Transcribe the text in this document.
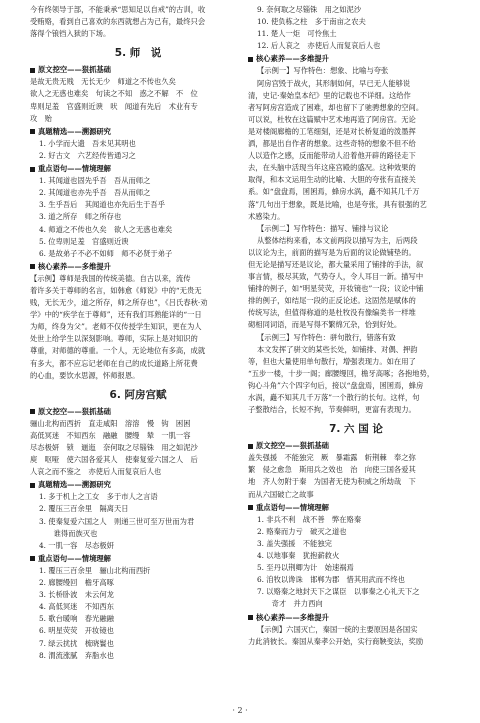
今有终领导于部，不能秉承“思知足以自戒”的古训，收
受贿赂，看到自己喜欢的东西就想占为己有，最终只会
落得个锒铛入狱的下场。
5. 师　说
原文挖空——狠抓基础
是故无贵无贱　无长无少　师道之不传也久矣
欲人之无惑也难矣　句读之不知　惑之不解　不　位
卑则足羞　官盛则近谀　吠　闻道有先后　术业有专
攻　贻
真题精选——溯源研究
1. 小学而大遗　吾未见其明也
2. 好古文　六艺经传皆通习之
重点语句——情境理解
1. 其闻道也固先乎吾　吾从而师之
2. 其闻道也亦先乎吾　吾从而师之
3. 生乎吾后　其闻道也亦先后生于吾乎
3. 道之所存　师之所存也
4. 师道之不传也久矣　欲人之无惑也难矣
5. 位卑则足羞　官盛则近谀
6. 是故弟子不必不如师　师不必贤于弟子
核心素养——多维提升
【示例】尊师是我国的传统美德。自古以来，流传
着许多关于尊师的名言，如韩愈《师说》中的“无贵无
贱，无长无少，道之所存，师之所存也”，《吕氏春秋·劝
学》中的“疾学在于尊师”，还有我们耳熟能详的“一日
为师，终身为父”。老师不仅传授学生知识，更在为人
处世上给学生以深刻影响。尊师，实际上是对知识的
尊重，对师德的尊重。一个人，无论地位有多高，成就
有多大，都不应忘记老师在自己的成长道路上所花费
的心血，要饮水思源，怀师报恩。
6. 阿房宫赋
原文挖空——狠抓基础
骊山北构而西折　直走咸阳　溶溶　慢　钩　困困
高低冥迷　不知西东　融融　腰缦　辇　一肌一容
尽态极妍　锁　逦迤　奈何取之尽锱铢　用之如泥沙
庾　呕哑　使六国各爱其人　使秦复爱六国之人　后
人哀之而不鉴之　亦使后人而复哀后人也
真题精选——溯源研究
1. 多于机上之工女　多于市人之言语
2. 覆压三百余里　隔离天日
3. 使秦复爱六国之人　则递三世可至万世而为君
　　谁得而族灭也
4. 一肌一容　尽态极妍
重点语句——情境理解
1. 覆压三百余里　骊山北构而西折
2. 廊腰缦回　檐牙高啄
3. 长桥卧波　未云何龙
4. 高低冥迷　不知西东
5. 歌台暖响　春光融融
6. 明星荧荧　开妆镜也
7. 绿云扰扰　梳晓鬟也
8. 渭流涨腻　弃脂水也
9. 奈何取之尽锱铢　用之如泥沙
10. 使负栋之柱　多于南亩之农夫
11. 楚人一炬　可怜焦土
12. 后人哀之　亦使后人而复哀后人也
核心素养——多维提升
【示例一】写作特色：想象、比喻与夸张
阿房宫毁于战火，其形制如何，早已无人能够说
清，史记·秦始皇本纪》里的记载也不详细。这给作
者写阿房宫造成了困难，却也留下了驰骋想象的空间。
可以说，杜牧在这篇赋中艺术地再造了阿房宫。无论
是对楼阁廊檐的工笔细刻，还是对长桥复道的泼墨挥
洒，都是出自作者的想象。这些奇特的想象不但不给
人以造作之感，反而能带动人沿着他开辟的路径走下
去，在头脑中活现当年这座宫殿的盛况。这种效果的
取得，和本文运用生动的比喻、大胆的夸张有直接关
系。如“盘盘焉，囷囷焉，蜂房水涡，矗不知其几千万
落”几句出于想象，既是比喻，也是夸张，具有很强的艺
术感染力。
【示例二】写作特色：描写、铺排与议论
从整体结构来看，本文前两段以描写为主，后两段
以议论为主，前面的描写是为后面的议论做铺垫的。
但无论是描写还是议论，都大量采用了铺排的手法，叙
事言情，极尽其致，气势夺人，令人耳目一新。描写中
铺排的例子，如“明星荧荧，开妆镜也”一段；议论中铺
排的例子，如结尾一段的正反论述。这固然是赋体的
传统写法，但值得称道的是杜牧没有像编类书一样堆
砌相同词语，而是写得不繁绵冗杂，恰到好处。
【示例三】写作特色：骈句散行，错落有致
本文发挥了骈文的某些长处，如铺排、对偶、押韵
等，但也大量使用单句散行，增强表现力。如在用了
“五步一楼，十步一阁；廊腰缦回，檐牙高啄；各抱地势，
钩心斗角”六个四字句后，接以“盘盘焉，囷囷焉，蜂房
水涡，矗不知其几千万落”一个散行的长句。这样，句
子整散结合，长短不拘，节奏鲜明，更富有表现力。
7. 六 国 论
原文挖空——狠抓基础
盖失强援　不能独完　厥　暴霜露　斩荆棘　奉之弥
繁　侵之愈急　斯用兵之效也　治　向使三国各爱其
地　齐人勿附于秦　为国者无使为积威之所劫哉　下
而从六国破亡之故事
重点语句——情境理解
1. 非兵不利　战不善　弊在赂秦
2. 赂秦而力亏　破灭之道也
3. 盖失强援　不能独完
4. 以地事秦　犹抱薪救火
5. 至丹以荆卿为计　始速祸焉
6. 洎牧以谗诛　邯郸为郡　惜其用武而不终也
7. 以赂秦之地封天下之谋臣　以事秦之心礼天下之
　　奇才　并力西向
核心素养——多维提升
【示例】六国灭亡，秦国一统的主要原因是各国实
力此消彼长。秦国从秦孝公开始，实行商鞅变法，奖励
· 2 ·
